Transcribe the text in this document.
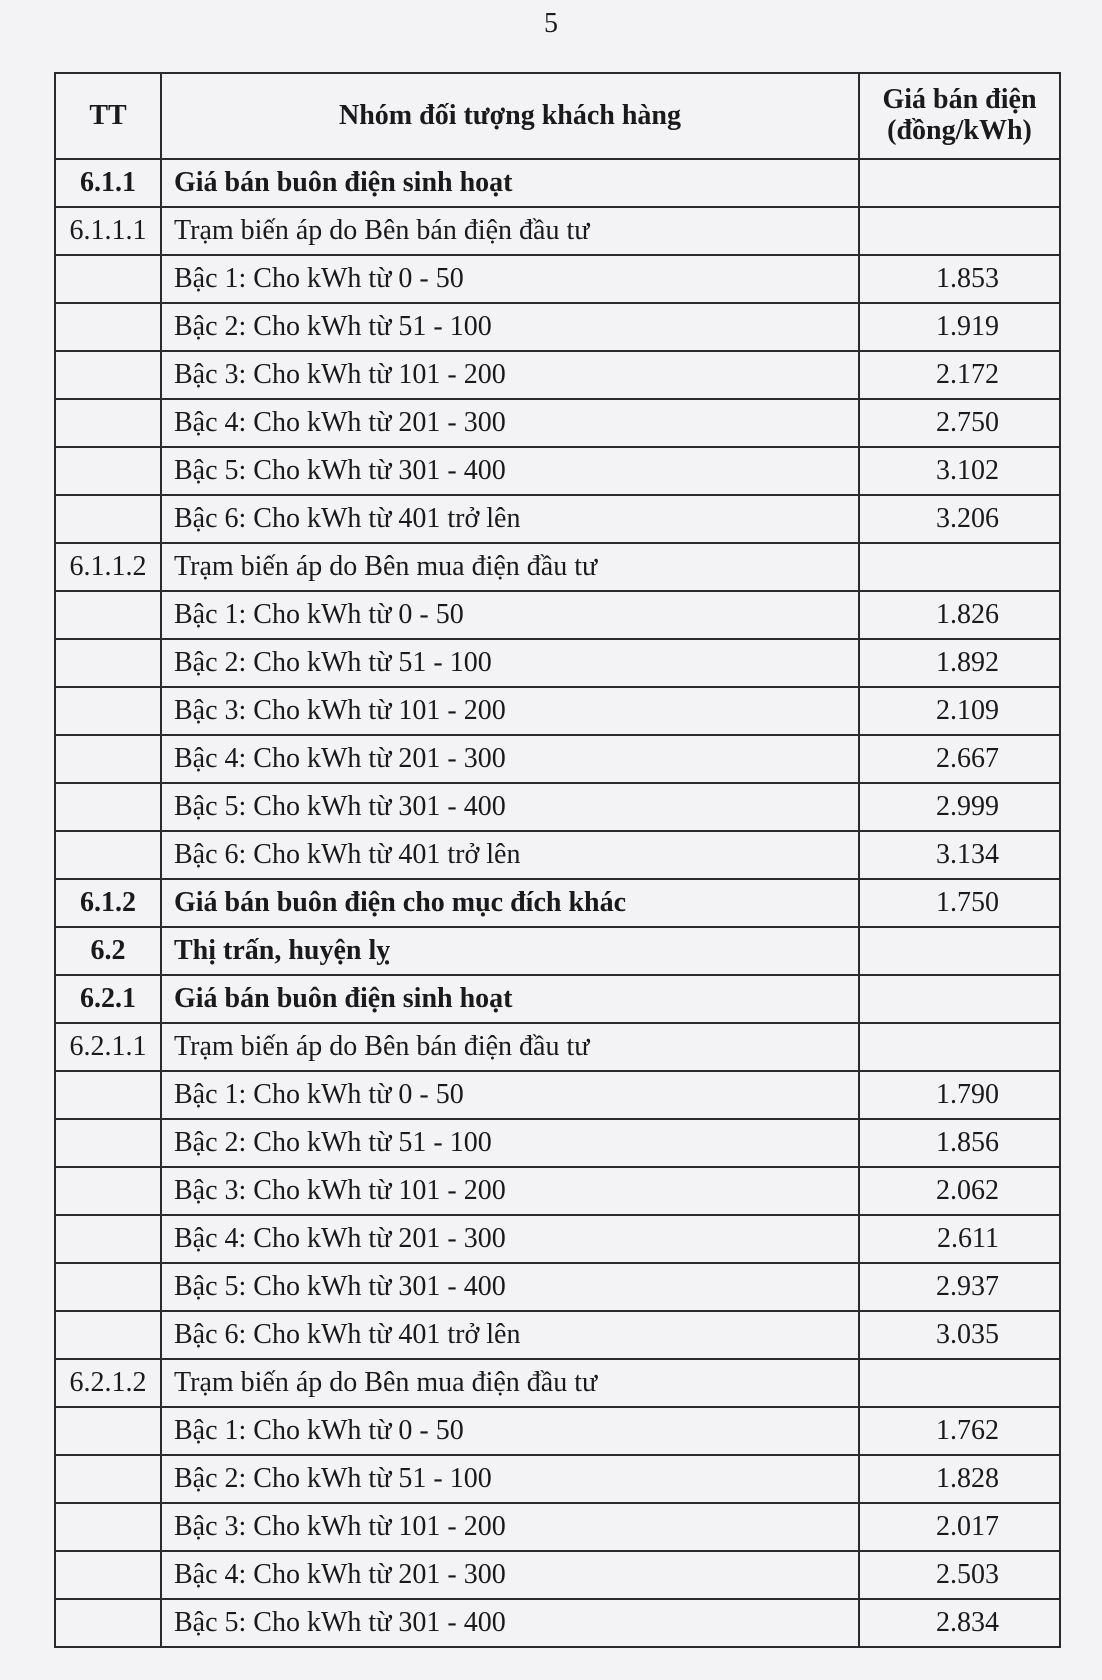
5
TT	Nhóm đối tượng khách hàng	Giá bán điện
(đồng/kWh)

6.1.1	Giá bán buôn điện sinh hoạt	
6.1.1.1	Trạm biến áp do Bên bán điện đầu tư	
	Bậc 1: Cho kWh từ 0 - 50	1.853
	Bậc 2: Cho kWh từ 51 - 100	1.919
	Bậc 3: Cho kWh từ 101 - 200	2.172
	Bậc 4: Cho kWh từ 201 - 300	2.750
	Bậc 5: Cho kWh từ 301 - 400	3.102
	Bậc 6: Cho kWh từ 401 trở lên	3.206
6.1.1.2	Trạm biến áp do Bên mua điện đầu tư	
	Bậc 1: Cho kWh từ 0 - 50	1.826
	Bậc 2: Cho kWh từ 51 - 100	1.892
	Bậc 3: Cho kWh từ 101 - 200	2.109
	Bậc 4: Cho kWh từ 201 - 300	2.667
	Bậc 5: Cho kWh từ 301 - 400	2.999
	Bậc 6: Cho kWh từ 401 trở lên	3.134
6.1.2	Giá bán buôn điện cho mục đích khác	1.750
6.2	Thị trấn, huyện lỵ	
6.2.1	Giá bán buôn điện sinh hoạt	
6.2.1.1	Trạm biến áp do Bên bán điện đầu tư	
	Bậc 1: Cho kWh từ 0 - 50	1.790
	Bậc 2: Cho kWh từ 51 - 100	1.856
	Bậc 3: Cho kWh từ 101 - 200	2.062
	Bậc 4: Cho kWh từ 201 - 300	2.611
	Bậc 5: Cho kWh từ 301 - 400	2.937
	Bậc 6: Cho kWh từ 401 trở lên	3.035
6.2.1.2	Trạm biến áp do Bên mua điện đầu tư	
	Bậc 1: Cho kWh từ 0 - 50	1.762
	Bậc 2: Cho kWh từ 51 - 100	1.828
	Bậc 3: Cho kWh từ 101 - 200	2.017
	Bậc 4: Cho kWh từ 201 - 300	2.503
	Bậc 5: Cho kWh từ 301 - 400	2.834
